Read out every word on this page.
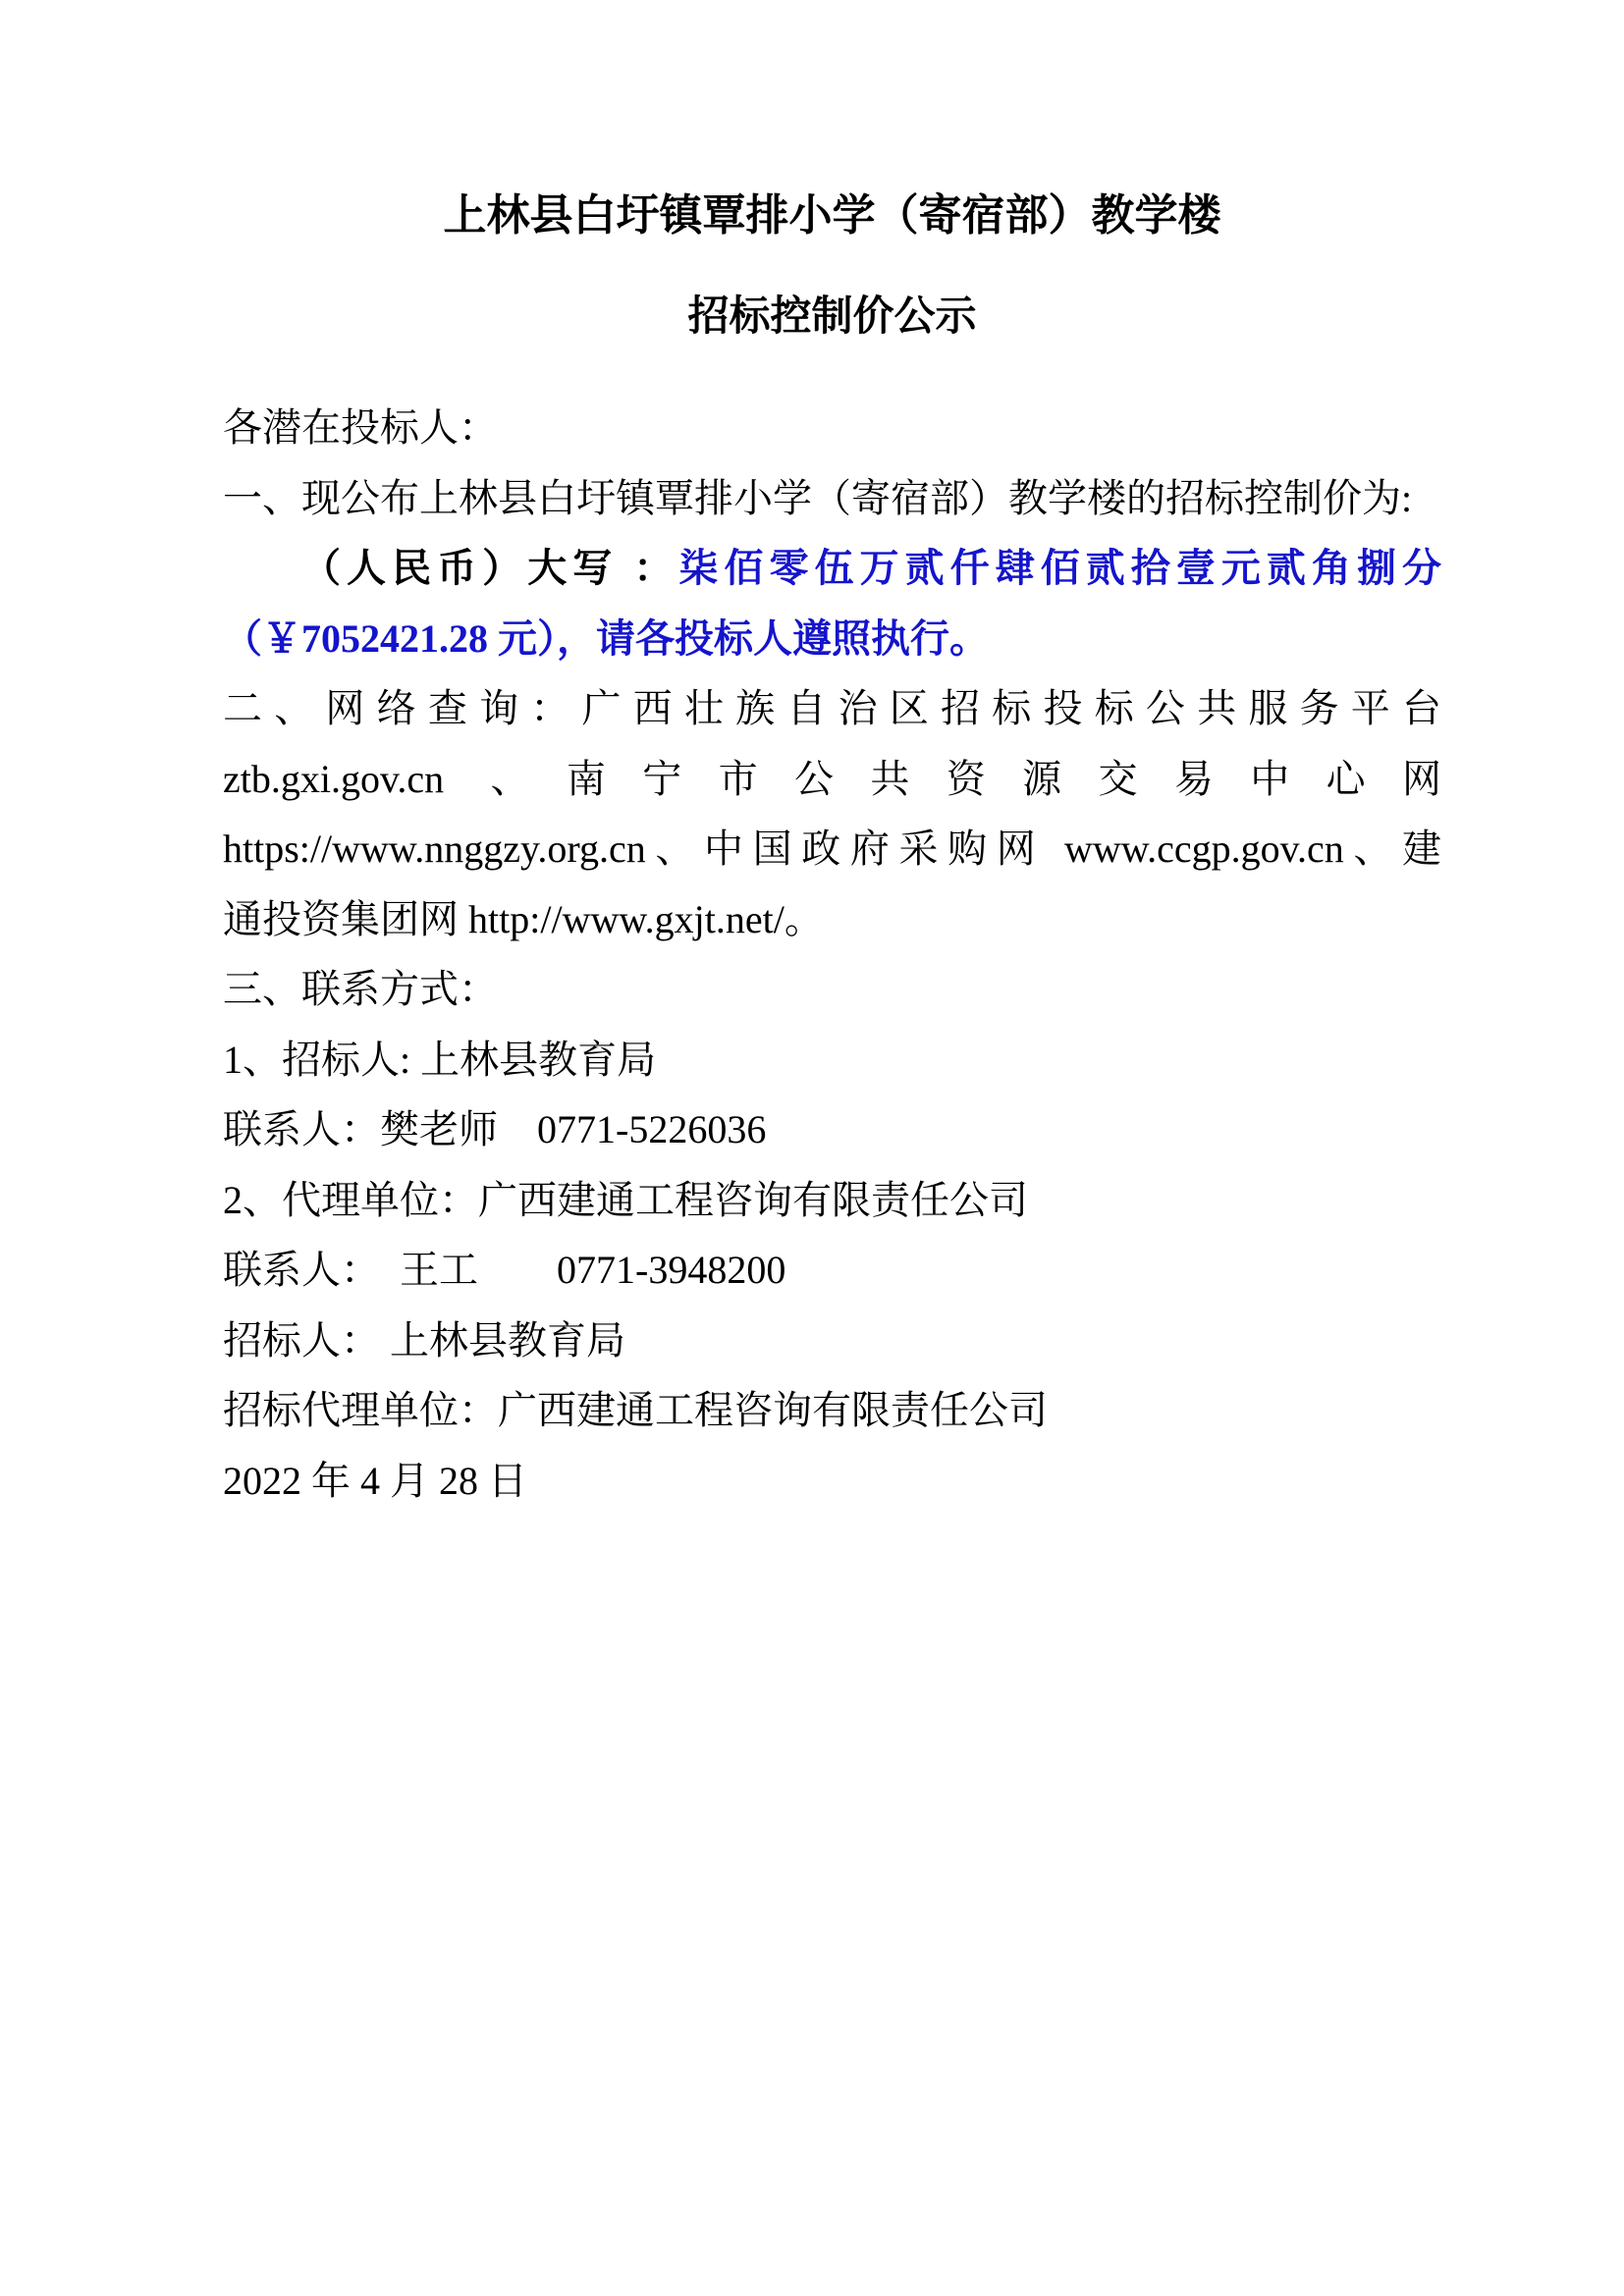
上林县白圩镇覃排小学（寄宿部）教学楼
招标控制价公示

各潜在投标人：

一、现公布上林县白圩镇覃排小学（寄宿部）教学楼的招标控制价为:

（人民币）大写 ：柒佰零伍万贰仟肆佰贰拾壹元贰角捌分

（￥7052421.28 元），请各投标人遵照执行。

二、网络查询：广西壮族自治区招标投标公共服务平台

ztb.gxi.gov.cn 、南宁市公共资源交易中心网

https://www.nnggzy.org.cn、中国政府采购网 www.ccgp.gov.cn、建

通投资集团网 http://www.gxjt.net/。

三、联系方式：

1、招标人: 上林县教育局

联系人：樊老师　0771-5226036

2、代理单位：广西建通工程咨询有限责任公司

联系人：　王工　　0771-3948200

招标人： 上林县教育局

招标代理单位：广西建通工程咨询有限责任公司

2022 年 4 月 28 日
